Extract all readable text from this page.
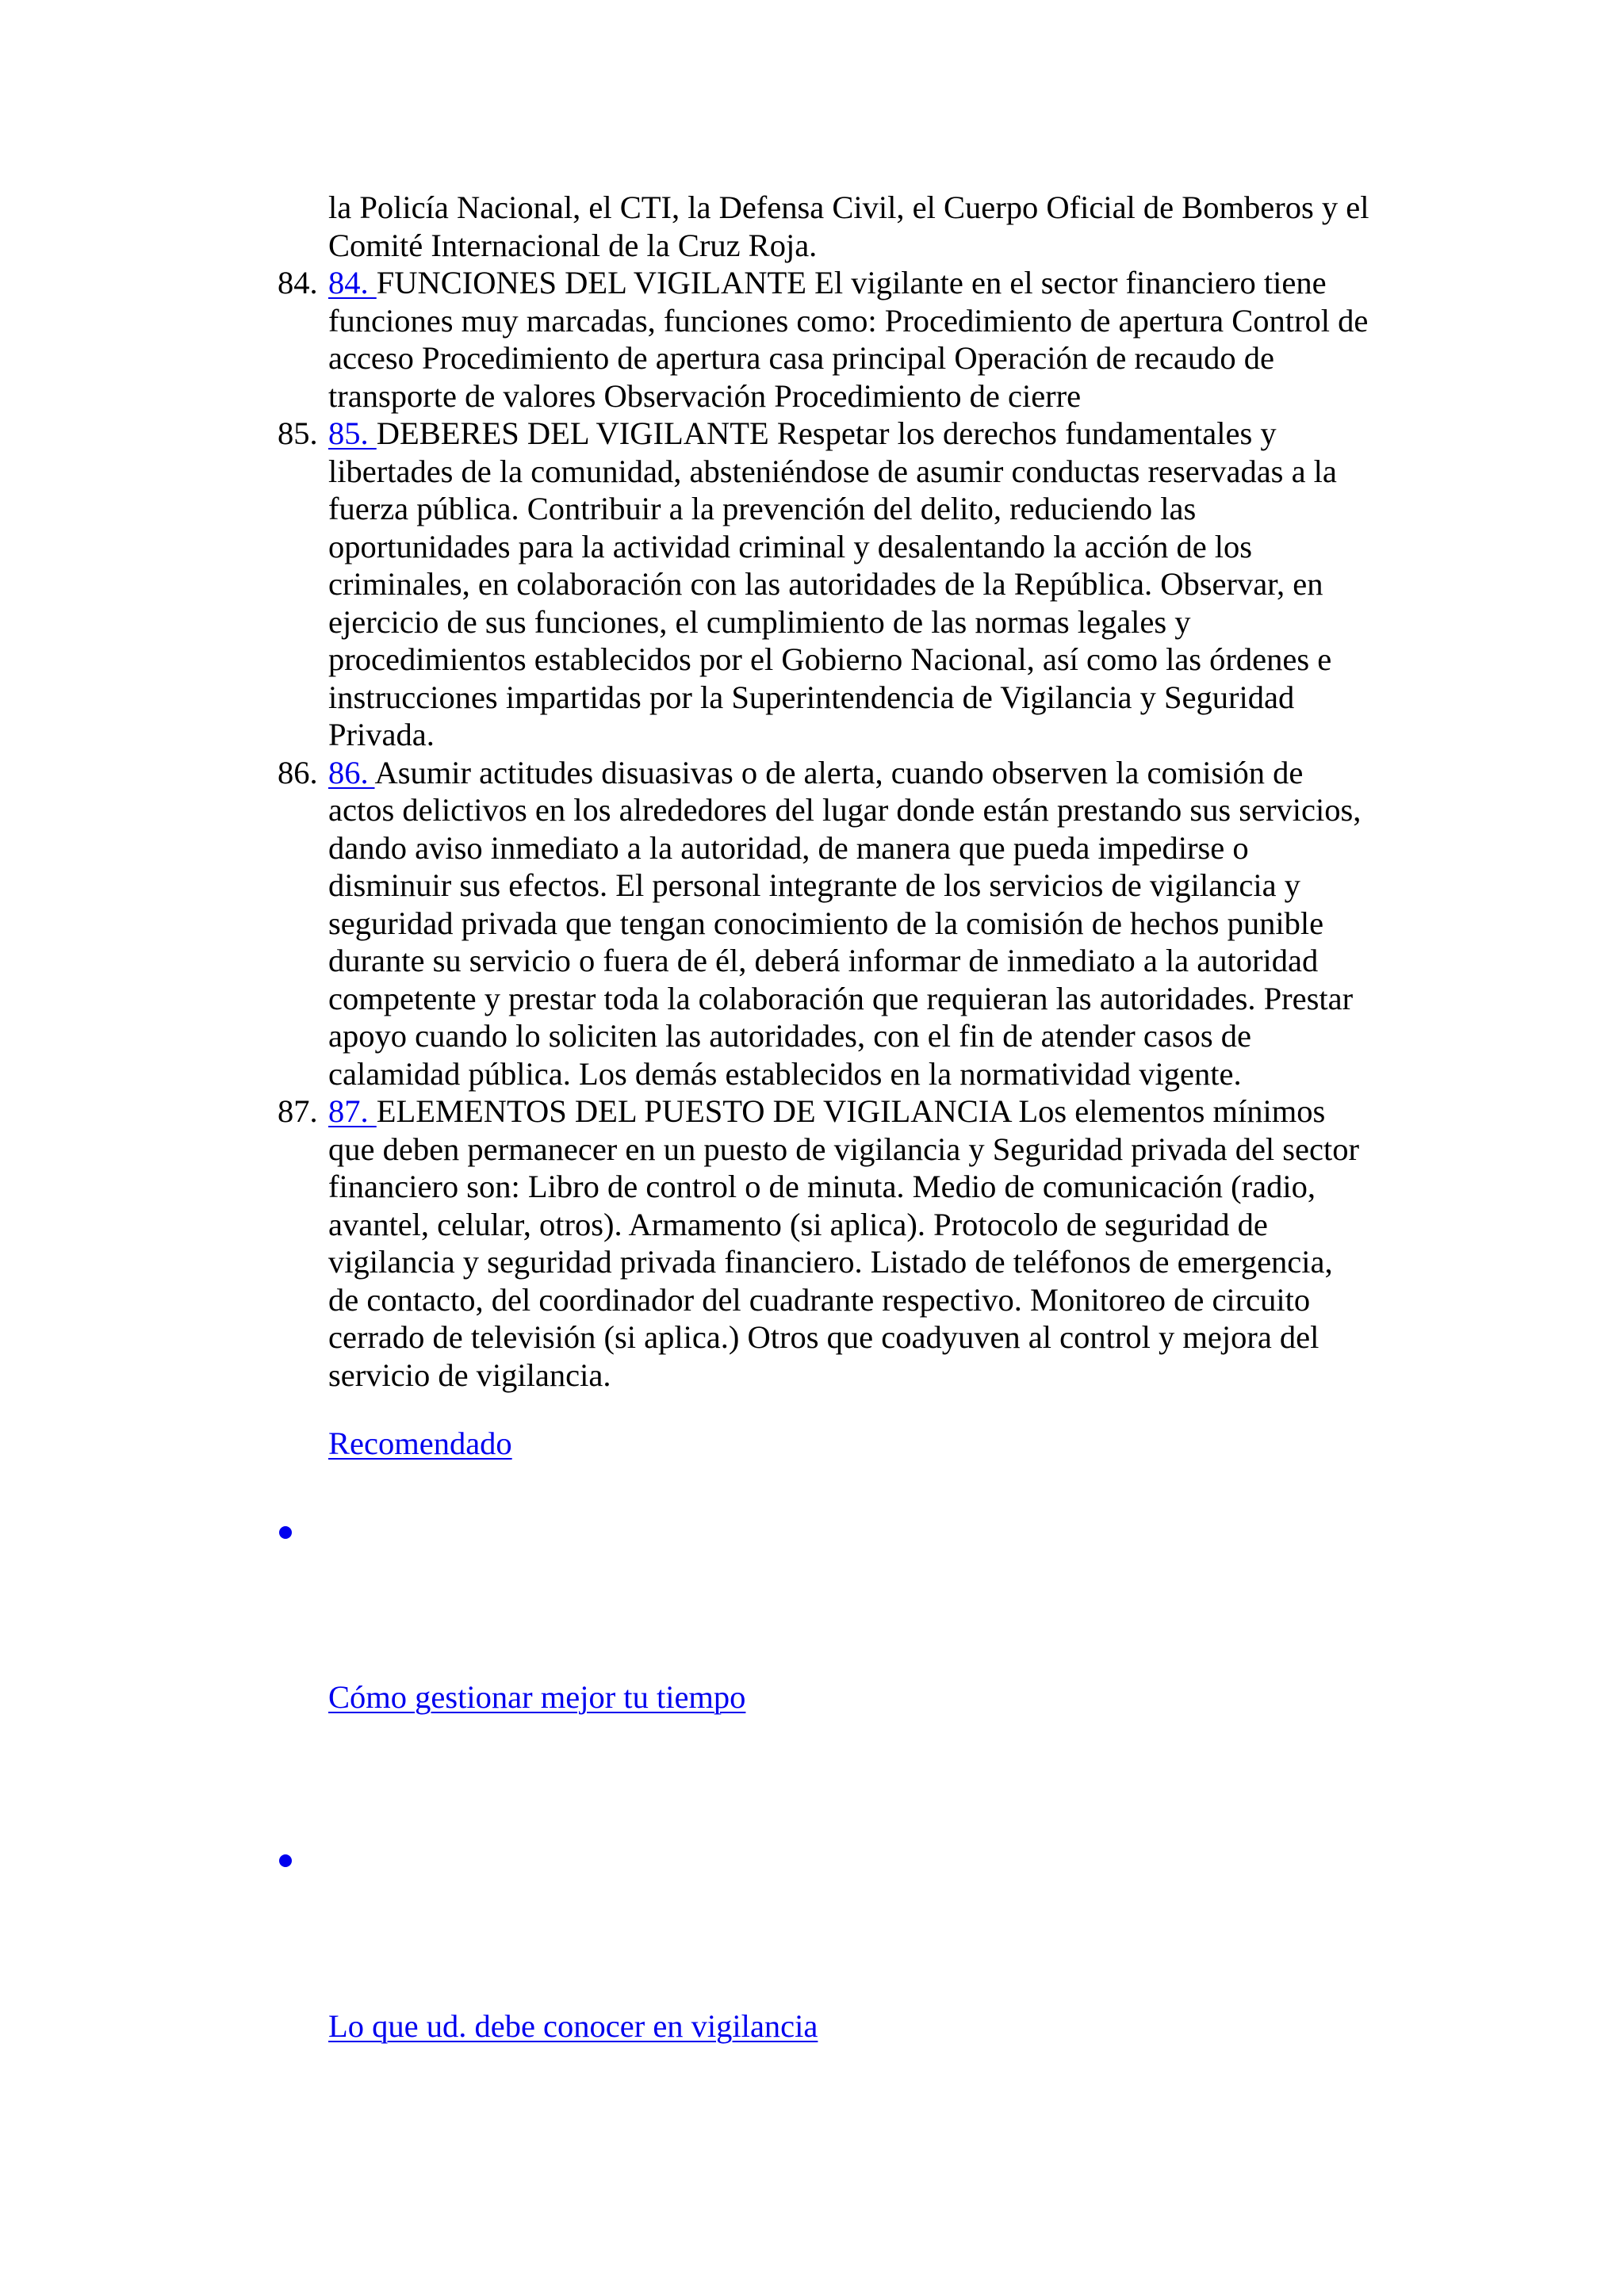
la Policía Nacional, el CTI, la Defensa Civil, el Cuerpo Oficial de Bomberos y el
Comité Internacional de la Cruz Roja.

84. 84. FUNCIONES DEL VIGILANTE El vigilante en el sector financiero tiene
funciones muy marcadas, funciones como: Procedimiento de apertura Control de
acceso Procedimiento de apertura casa principal Operación de recaudo de
transporte de valores Observación Procedimiento de cierre
85. 85. DEBERES DEL VIGILANTE Respetar los derechos fundamentales y
libertades de la comunidad, absteniéndose de asumir conductas reservadas a la
fuerza pública. Contribuir a la prevención del delito, reduciendo las
oportunidades para la actividad criminal y desalentando la acción de los
criminales, en colaboración con las autoridades de la República. Observar, en
ejercicio de sus funciones, el cumplimiento de las normas legales y
procedimientos establecidos por el Gobierno Nacional, así como las órdenes e
instrucciones impartidas por la Superintendencia de Vigilancia y Seguridad
Privada.
86. 86. Asumir actitudes disuasivas o de alerta, cuando observen la comisión de
actos delictivos en los alrededores del lugar donde están prestando sus servicios,
dando aviso inmediato a la autoridad, de manera que pueda impedirse o
disminuir sus efectos. El personal integrante de los servicios de vigilancia y
seguridad privada que tengan conocimiento de la comisión de hechos punible
durante su servicio o fuera de él, deberá informar de inmediato a la autoridad
competente y prestar toda la colaboración que requieran las autoridades. Prestar
apoyo cuando lo soliciten las autoridades, con el fin de atender casos de
calamidad pública. Los demás establecidos en la normatividad vigente.
87. 87. ELEMENTOS DEL PUESTO DE VIGILANCIA Los elementos mínimos
que deben permanecer en un puesto de vigilancia y Seguridad privada del sector
financiero son: Libro de control o de minuta. Medio de comunicación (radio,
avantel, celular, otros). Armamento (si aplica). Protocolo de seguridad de
vigilancia y seguridad privada financiero. Listado de teléfonos de emergencia,
de contacto, del coordinador del cuadrante respectivo. Monitoreo de circuito
cerrado de televisión (si aplica.) Otros que coadyuven al control y mejora del
servicio de vigilancia.
Recomendado
Cómo gestionar mejor tu tiempo
Lo que ud. debe conocer en vigilancia
